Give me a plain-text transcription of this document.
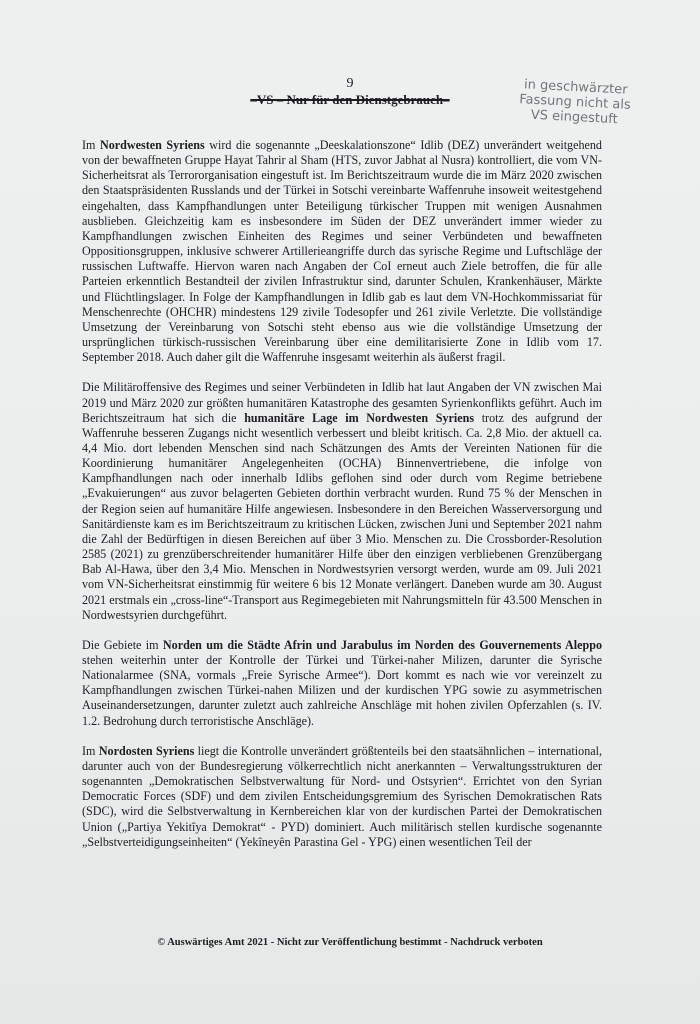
9
–VS – Nur für den Dienstgebrauch–
in geschwärzter
Fassung nicht als
VS eingestuft

Im Nordwesten Syriens wird die sogenannte „Deeskalationszone“ Idlib (DEZ) unverändert weitgehend von der bewaffneten Gruppe Hayat Tahrir al Sham (HTS, zuvor Jabhat al Nusra) kontrolliert, die vom VN-Sicherheitsrat als Terrororganisation eingestuft ist. Im Berichtszeitraum wurde die im März 2020 zwischen den Staatspräsidenten Russlands und der Türkei in Sotschi vereinbarte Waffenruhe insoweit weitestgehend eingehalten, dass Kampfhandlungen unter Beteiligung türkischer Truppen mit wenigen Ausnahmen ausblieben. Gleichzeitig kam es insbesondere im Süden der DEZ unverändert immer wieder zu Kampfhandlungen zwischen Einheiten des Regimes und seiner Verbündeten und bewaffneten Oppositionsgruppen, inklusive schwerer Artillerieangriffe durch das syrische Regime und Luftschläge der russischen Luftwaffe. Hiervon waren nach Angaben der CoI erneut auch Ziele betroffen, die für alle Parteien erkenntlich Bestandteil der zivilen Infrastruktur sind, darunter Schulen, Krankenhäuser, Märkte und Flüchtlingslager. In Folge der Kampfhandlungen in Idlib gab es laut dem VN-Hochkommissariat für Menschenrechte (OHCHR) mindestens 129 zivile Todesopfer und 261 zivile Verletzte. Die vollständige Umsetzung der Vereinbarung von Sotschi steht ebenso aus wie die vollständige Umsetzung der ursprünglichen türkisch-russischen Vereinbarung über eine demilitarisierte Zone in Idlib vom 17. September 2018. Auch daher gilt die Waffenruhe insgesamt weiterhin als äußerst fragil.

Die Militäroffensive des Regimes und seiner Verbündeten in Idlib hat laut Angaben der VN zwischen Mai 2019 und März 2020 zur größten humanitären Katastrophe des gesamten Syrienkonflikts geführt. Auch im Berichtszeitraum hat sich die humanitäre Lage im Nordwesten Syriens trotz des aufgrund der Waffenruhe besseren Zugangs nicht wesentlich verbessert und bleibt kritisch. Ca. 2,8 Mio. der aktuell ca. 4,4 Mio. dort lebenden Menschen sind nach Schätzungen des Amts der Vereinten Nationen für die Koordinierung humanitärer Angelegenheiten (OCHA) Binnenvertriebene, die infolge von Kampfhandlungen nach oder innerhalb Idlibs geflohen sind oder durch vom Regime betriebene „Evakuierungen“ aus zuvor belagerten Gebieten dorthin verbracht wurden. Rund 75 % der Menschen in der Region seien auf humanitäre Hilfe angewiesen. Insbesondere in den Bereichen Wasserversorgung und Sanitärdienste kam es im Berichtszeitraum zu kritischen Lücken, zwischen Juni und September 2021 nahm die Zahl der Bedürftigen in diesen Bereichen auf über 3 Mio. Menschen zu. Die Crossborder-Resolution 2585 (2021) zu grenzüberschreitender humanitärer Hilfe über den einzigen verbliebenen Grenzübergang Bab Al-Hawa, über den 3,4 Mio. Menschen in Nordwestsyrien versorgt werden, wurde am 09. Juli 2021 vom VN-Sicherheitsrat einstimmig für weitere 6 bis 12 Monate verlängert. Daneben wurde am 30. August 2021 erstmals ein „cross-line“-Transport aus Regimegebieten mit Nahrungsmitteln für 43.500 Menschen in Nordwestsyrien durchgeführt.

Die Gebiete im Norden um die Städte Afrin und Jarabulus im Norden des Gouvernements Aleppo stehen weiterhin unter der Kontrolle der Türkei und Türkei-naher Milizen, darunter die Syrische Nationalarmee (SNA, vormals „Freie Syrische Armee“). Dort kommt es nach wie vor vereinzelt zu Kampfhandlungen zwischen Türkei-nahen Milizen und der kurdischen YPG sowie zu asymmetrischen Auseinandersetzungen, darunter zuletzt auch zahlreiche Anschläge mit hohen zivilen Opferzahlen (s. IV. 1.2. Bedrohung durch terroristische Anschläge).

Im Nordosten Syriens liegt die Kontrolle unverändert größtenteils bei den staatsähnlichen – international, darunter auch von der Bundesregierung völkerrechtlich nicht anerkannten – Verwaltungsstrukturen der sogenannten „Demokratischen Selbstverwaltung für Nord- und Ostsyrien“. Errichtet von den Syrian Democratic Forces (SDF) und dem zivilen Entscheidungsgremium des Syrischen Demokratischen Rats (SDC), wird die Selbstverwaltung in Kernbereichen klar von der kurdischen Partei der Demokratischen Union („Partiya Yekitîya Demokrat“ - PYD) dominiert. Auch militärisch stellen kurdische sogenannte „Selbstverteidigungseinheiten“ (Yekîneyên Parastina Gel - YPG) einen wesentlichen Teil der

© Auswärtiges Amt 2021 - Nicht zur Veröffentlichung bestimmt - Nachdruck verboten
